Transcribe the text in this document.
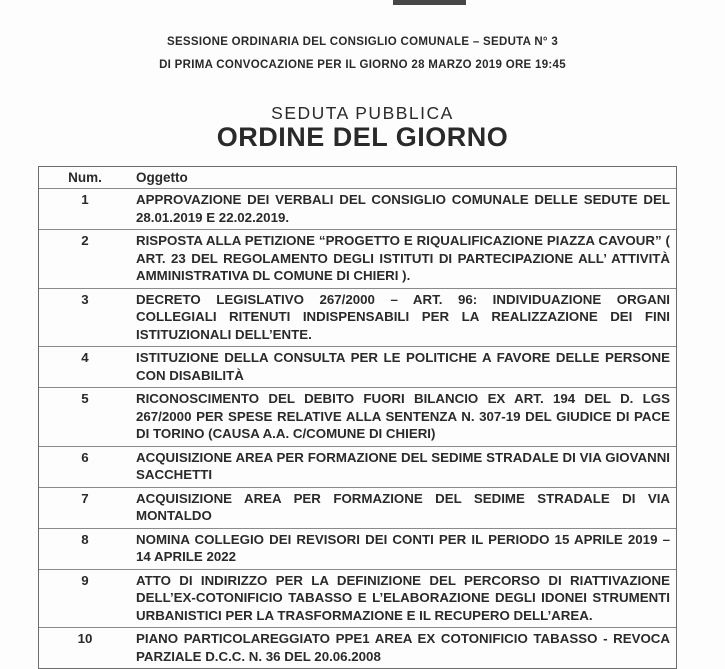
SESSIONE ORDINARIA DEL CONSIGLIO COMUNALE – SEDUTA N° 3
DI PRIMA CONVOCAZIONE PER IL GIORNO 28 MARZO 2019 ORE 19:45
SEDUTA PUBBLICA
ORDINE DEL GIORNO
Num.	Oggetto
1	APPROVAZIONE DEI VERBALI DEL CONSIGLIO COMUNALE DELLE SEDUTE DEL 28.01.2019 E 22.02.2019.
2	RISPOSTA ALLA PETIZIONE “PROGETTO E RIQUALIFICAZIONE PIAZZA CAVOUR” ( ART. 23 DEL REGOLAMENTO DEGLI ISTITUTI DI PARTECIPAZIONE ALL’ ATTIVITÀ AMMINISTRATIVA DL COMUNE DI CHIERI ).
3	DECRETO LEGISLATIVO 267/2000 – ART. 96: INDIVIDUAZIONE ORGANI COLLEGIALI RITENUTI INDISPENSABILI PER LA REALIZZAZIONE DEI FINI ISTITUZIONALI DELL’ENTE.
4	ISTITUZIONE DELLA CONSULTA PER LE POLITICHE A FAVORE DELLE PERSONE CON DISABILITÀ
5	RICONOSCIMENTO DEL DEBITO FUORI BILANCIO EX ART. 194 DEL D. LGS 267/2000 PER SPESE RELATIVE ALLA SENTENZA N. 307-19 DEL GIUDICE DI PACE DI TORINO (CAUSA A.A. C/COMUNE DI CHIERI)
6	ACQUISIZIONE AREA PER FORMAZIONE DEL SEDIME STRADALE DI VIA GIOVANNI SACCHETTI
7	ACQUISIZIONE AREA PER FORMAZIONE DEL SEDIME STRADALE DI VIA MONTALDO
8	NOMINA COLLEGIO DEI REVISORI DEI CONTI PER IL PERIODO 15 APRILE 2019 – 14 APRILE 2022
9	ATTO DI INDIRIZZO PER LA DEFINIZIONE DEL PERCORSO DI RIATTIVAZIONE DELL’EX-COTONIFICIO TABASSO E L’ELABORAZIONE DEGLI IDONEI STRUMENTI URBANISTICI PER LA TRASFORMAZIONE E IL RECUPERO DELL’AREA.
10	PIANO PARTICOLAREGGIATO PPE1 AREA EX COTONIFICIO TABASSO - REVOCA PARZIALE D.C.C. N. 36 DEL 20.06.2008
